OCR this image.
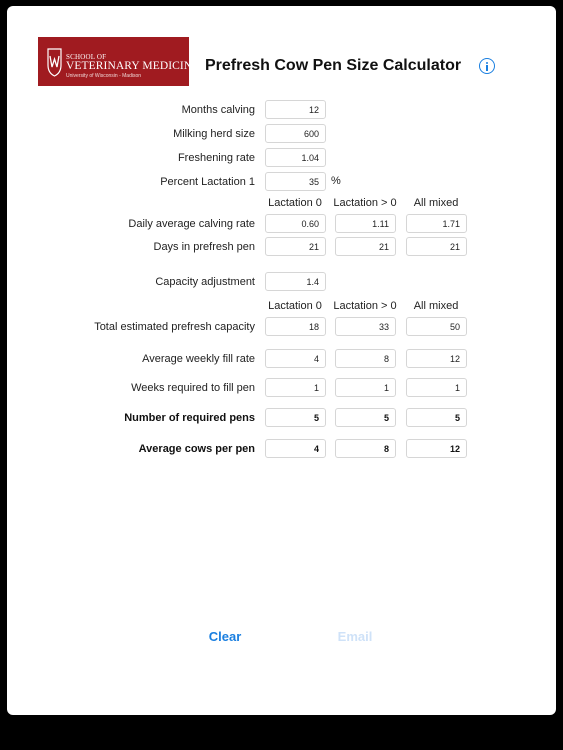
SCHOOL OF
VETERINARY MEDICINE
University of Wisconsin - Madison
Prefresh Cow Pen Size Calculator
Months calving	12
Milking herd size	600
Freshening rate	1.04
Percent Lactation 1	35	%
Lactation 0	Lactation > 0	All mixed
Daily average calving rate	0.60	1.11	1.71
Days in prefresh pen	21	21	21
Capacity adjustment	1.4
Lactation 0	Lactation > 0	All mixed
Total estimated prefresh capacity	18	33	50
Average weekly fill rate	4	8	12
Weeks required to fill pen	1	1	1
Number of required pens	5	5	5
Average cows per pen	4	8	12
Clear	Email
